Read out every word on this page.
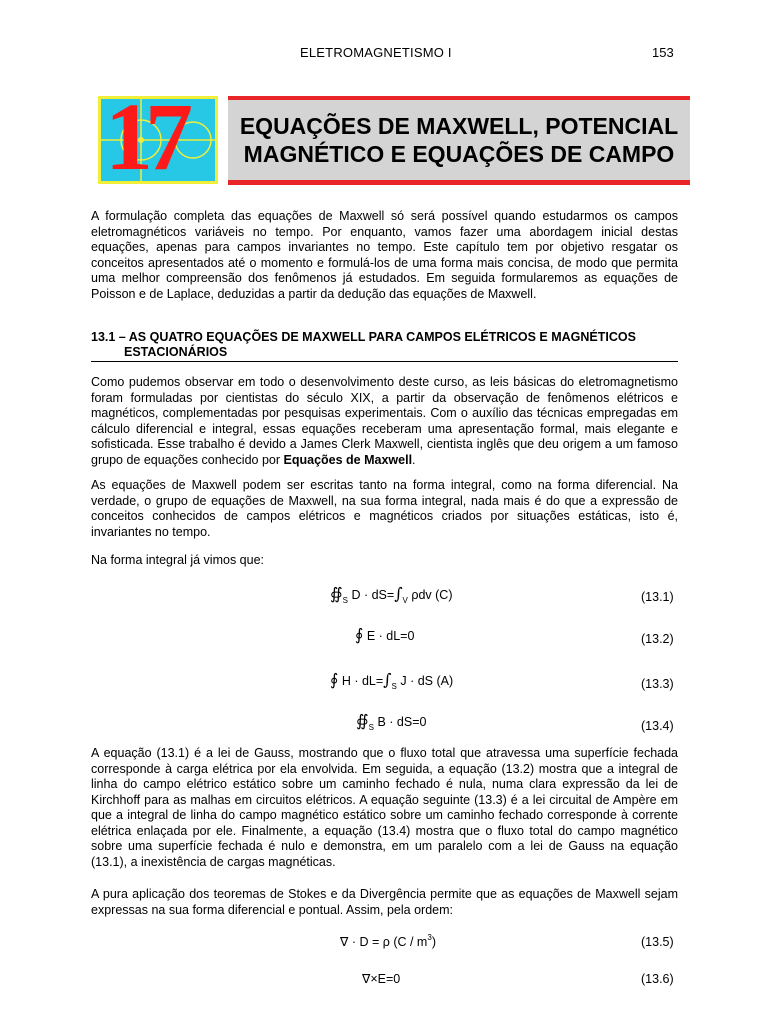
ELETROMAGNETISMO I	153
17	EQUAÇÕES DE MAXWELL, POTENCIAL
MAGNÉTICO E EQUAÇÕES DE CAMPO

A formulação completa das equações de Maxwell só será possível quando estudarmos os campos eletromagnéticos variáveis no tempo. Por enquanto, vamos fazer uma abordagem inicial destas equações, apenas para campos invariantes no tempo. Este capítulo tem por objetivo resgatar os conceitos apresentados até o momento e formulá-los de uma forma mais concisa, de modo que permita uma melhor compreensão dos fenômenos já estudados. Em seguida formularemos as equações de Poisson e de Laplace, deduzidas a partir da dedução das equações de Maxwell.

13.1 – AS QUATRO EQUAÇÕES DE MAXWELL PARA CAMPOS ELÉTRICOS E MAGNÉTICOS
ESTACIONÁRIOS

Como pudemos observar em todo o desenvolvimento deste curso, as leis básicas do eletromagnetismo foram formuladas por cientistas do século XIX, a partir da observação de fenômenos elétricos e magnéticos, complementadas por pesquisas experimentais. Com o auxílio das técnicas empregadas em cálculo diferencial e integral, essas equações receberam uma apresentação formal, mais elegante e sofisticada. Esse trabalho é devido a James Clerk Maxwell, cientista inglês que deu origem a um famoso grupo de equações conhecido por Equações de Maxwell.

As equações de Maxwell podem ser escritas tanto na forma integral, como na forma diferencial. Na verdade, o grupo de equações de Maxwell, na sua forma integral, nada mais é do que a expressão de conceitos conhecidos de campos elétricos e magnéticos criados por situações estáticas, isto é, invariantes no tempo.

Na forma integral já vimos que:

$∯_S$ $D \cdot dS=\int_V$ ρdv (C)	(13.1)
∮ E · dL=0	(13.2)
∮ $H \cdot dL=\int_S$ J · dS (A)	(13.3)
$∯_S$ B · dS=0	(13.4)

A equação (13.1) é a lei de Gauss, mostrando que o fluxo total que atravessa uma superfície fechada corresponde à carga elétrica por ela envolvida. Em seguida, a equação (13.2) mostra que a integral de linha do campo elétrico estático sobre um caminho fechado é nula, numa clara expressão da lei de Kirchhoff para as malhas em circuitos elétricos. A equação seguinte (13.3) é a lei circuital de Ampère em que a integral de linha do campo magnético estático sobre um caminho fechado corresponde à corrente elétrica enlaçada por ele. Finalmente, a equação (13.4) mostra que o fluxo total do campo magnético sobre uma superfície fechada é nulo e demonstra, em um paralelo com a lei de Gauss na equação (13.1), a inexistência de cargas magnéticas.

A pura aplicação dos teoremas de Stokes e da Divergência permite que as equações de Maxwell sejam expressas na sua forma diferencial e pontual. Assim, pela ordem:

∇ · D = ρ $(C / m^3)$	(13.5)
∇×E=0	(13.6)
